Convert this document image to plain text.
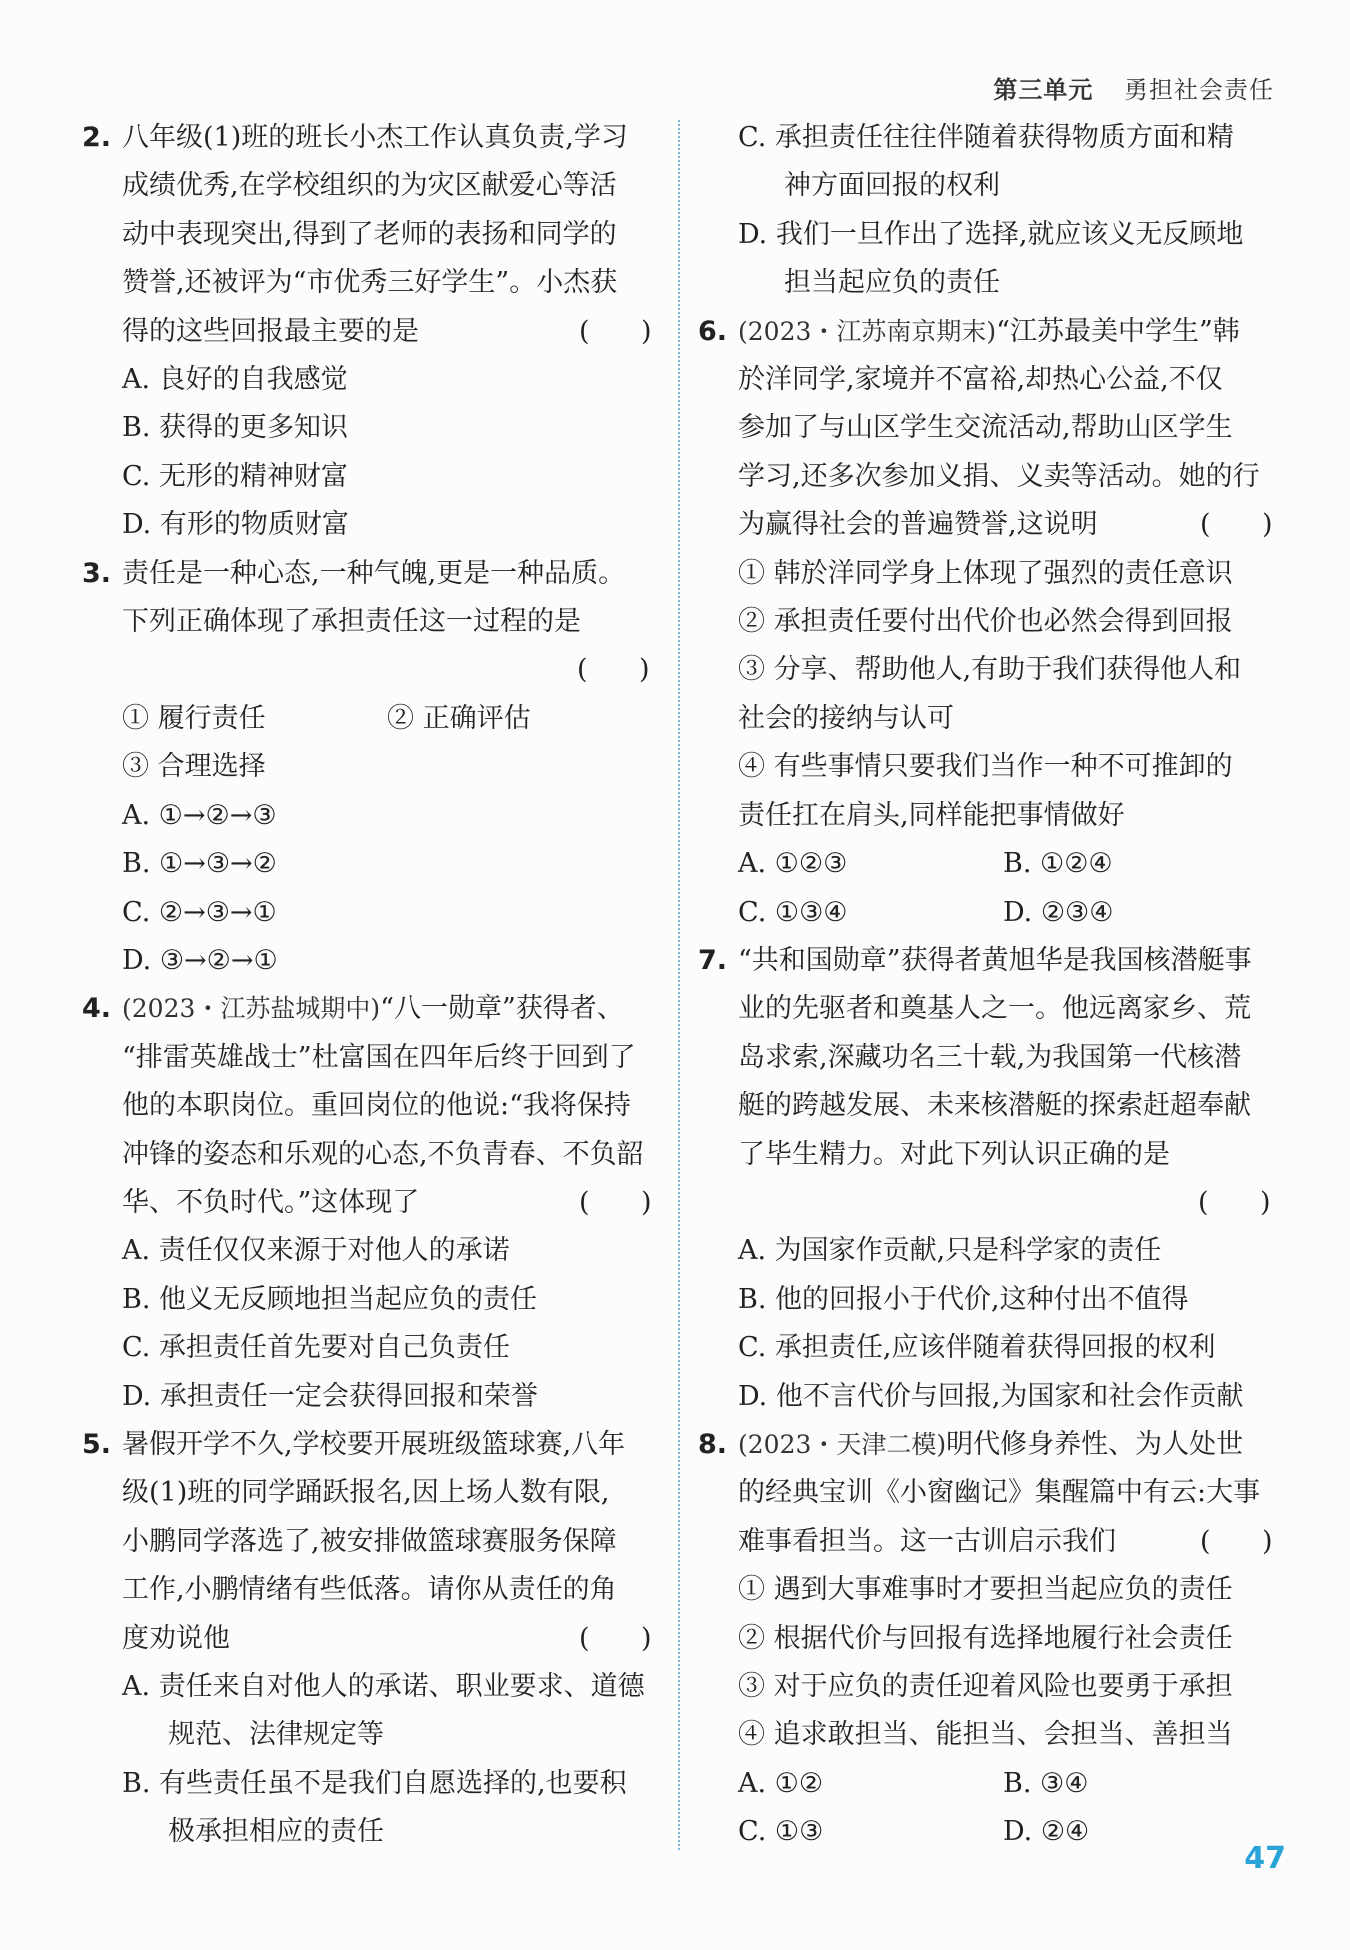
第三单元 勇担社会责任
2. 八年级(1)班的班长小杰工作认真负责,学习
成绩优秀,在学校组织的为灾区献爱心等活
动中表现突出,得到了老师的表扬和同学的
赞誉,还被评为“市优秀三好学生”。小杰获
得的这些回报最主要的是	(      )
A. 良好的自我感觉
B. 获得的更多知识
C. 无形的精神财富
D. 有形的物质财富
3. 责任是一种心态,一种气魄,更是一种品质。
下列正确体现了承担责任这一过程的是
(      )
① 履行责任	② 正确评估
③ 合理选择
A. ①→②→③
B. ①→③→②
C. ②→③→①
D. ③→②→①
4. (2023・江苏盐城期中)“八一勋章”获得者、
“排雷英雄战士”杜富国在四年后终于回到了
他的本职岗位。重回岗位的他说:“我将保持
冲锋的姿态和乐观的心态,不负青春、不负韶
华、不负时代。”这体现了	(      )
A. 责任仅仅来源于对他人的承诺
B. 他义无反顾地担当起应负的责任
C. 承担责任首先要对自己负责任
D. 承担责任一定会获得回报和荣誉
5. 暑假开学不久,学校要开展班级篮球赛,八年
级(1)班的同学踊跃报名,因上场人数有限,
小鹏同学落选了,被安排做篮球赛服务保障
工作,小鹏情绪有些低落。请你从责任的角
度劝说他	(      )
A. 责任来自对他人的承诺、职业要求、道德
规范、法律规定等
B. 有些责任虽不是我们自愿选择的,也要积
极承担相应的责任
C. 承担责任往往伴随着获得物质方面和精
神方面回报的权利
D. 我们一旦作出了选择,就应该义无反顾地
担当起应负的责任
6. (2023・江苏南京期末)“江苏最美中学生”韩
於洋同学,家境并不富裕,却热心公益,不仅
参加了与山区学生交流活动,帮助山区学生
学习,还多次参加义捐、义卖等活动。她的行
为赢得社会的普遍赞誉,这说明	(      )
① 韩於洋同学身上体现了强烈的责任意识
② 承担责任要付出代价也必然会得到回报
③ 分享、帮助他人,有助于我们获得他人和
社会的接纳与认可
④ 有些事情只要我们当作一种不可推卸的
责任扛在肩头,同样能把事情做好
A. ①②③	B. ①②④
C. ①③④	D. ②③④
7. “共和国勋章”获得者黄旭华是我国核潜艇事
业的先驱者和奠基人之一。他远离家乡、荒
岛求索,深藏功名三十载,为我国第一代核潜
艇的跨越发展、未来核潜艇的探索赶超奉献
了毕生精力。对此下列认识正确的是
(      )
A. 为国家作贡献,只是科学家的责任
B. 他的回报小于代价,这种付出不值得
C. 承担责任,应该伴随着获得回报的权利
D. 他不言代价与回报,为国家和社会作贡献
8. (2023・天津二模)明代修身养性、为人处世
的经典宝训《小窗幽记》集醒篇中有云:大事
难事看担当。这一古训启示我们	(      )
① 遇到大事难事时才要担当起应负的责任
② 根据代价与回报有选择地履行社会责任
③ 对于应负的责任迎着风险也要勇于承担
④ 追求敢担当、能担当、会担当、善担当
A. ①②	B. ③④
C. ①③	D. ②④
47
